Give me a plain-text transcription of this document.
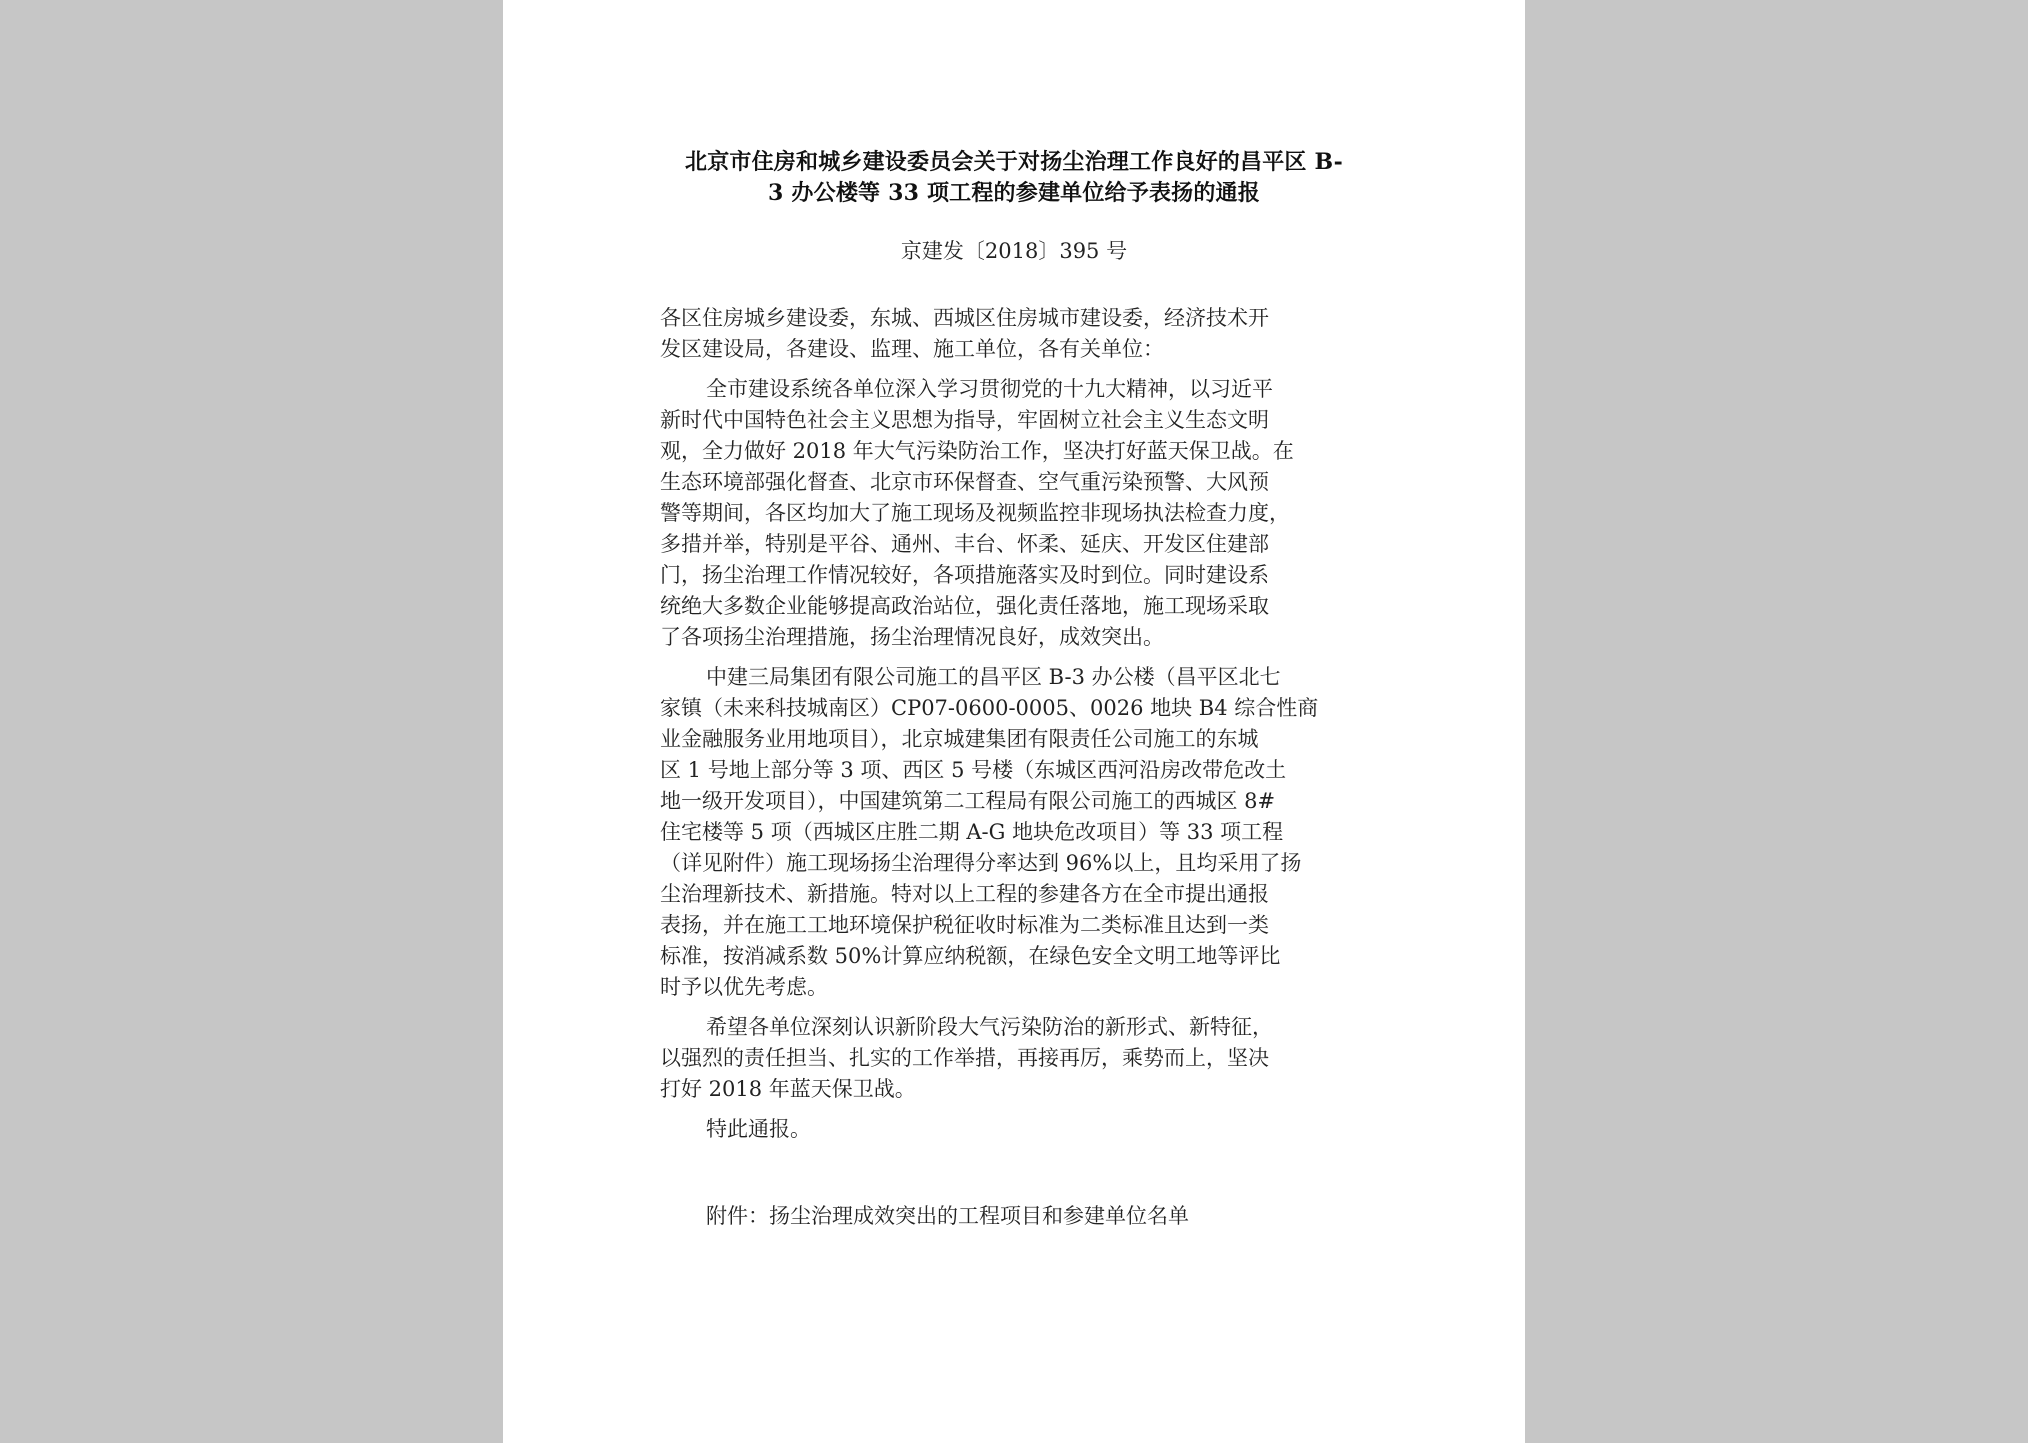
北京市住房和城乡建设委员会关于对扬尘治理工作良好的昌平区 B-
3 办公楼等 33 项工程的参建单位给予表扬的通报
京建发〔2018〕395 号
各区住房城乡建设委，东城、西城区住房城市建设委，经济技术开
发区建设局，各建设、监理、施工单位，各有关单位：
全市建设系统各单位深入学习贯彻党的十九大精神，以习近平
新时代中国特色社会主义思想为指导，牢固树立社会主义生态文明
观，全力做好 2018 年大气污染防治工作，坚决打好蓝天保卫战。在
生态环境部强化督查、北京市环保督查、空气重污染预警、大风预
警等期间，各区均加大了施工现场及视频监控非现场执法检查力度，
多措并举，特别是平谷、通州、丰台、怀柔、延庆、开发区住建部
门，扬尘治理工作情况较好，各项措施落实及时到位。同时建设系
统绝大多数企业能够提高政治站位，强化责任落地，施工现场采取
了各项扬尘治理措施，扬尘治理情况良好，成效突出。
中建三局集团有限公司施工的昌平区 B-3 办公楼（昌平区北七
家镇（未来科技城南区）CP07-0600-0005、0026 地块 B4 综合性商
业金融服务业用地项目），北京城建集团有限责任公司施工的东城
区 1 号地上部分等 3 项、西区 5 号楼（东城区西河沿房改带危改土
地一级开发项目），中国建筑第二工程局有限公司施工的西城区 8#
住宅楼等 5 项（西城区庄胜二期 A-G 地块危改项目）等 33 项工程
（详见附件）施工现场扬尘治理得分率达到 96%以上，且均采用了扬
尘治理新技术、新措施。特对以上工程的参建各方在全市提出通报
表扬，并在施工工地环境保护税征收时标准为二类标准且达到一类
标准，按消减系数 50%计算应纳税额，在绿色安全文明工地等评比
时予以优先考虑。
希望各单位深刻认识新阶段大气污染防治的新形式、新特征，
以强烈的责任担当、扎实的工作举措，再接再厉，乘势而上，坚决
打好 2018 年蓝天保卫战。
特此通报。
附件：扬尘治理成效突出的工程项目和参建单位名单
